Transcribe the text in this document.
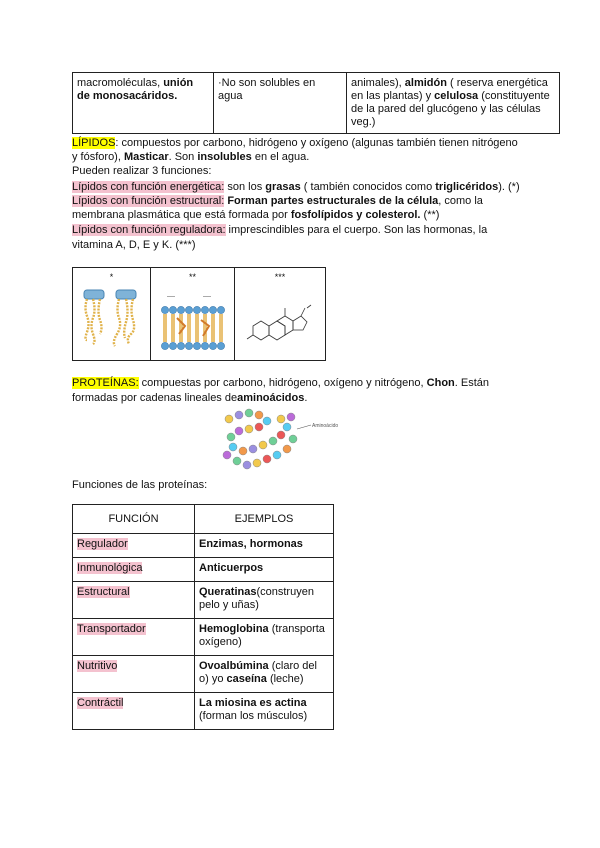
macromoléculas, unión de monosacáridos.	·No son solubles en agua	animales), almidón ( reserva energética en las plantas) y celulosa (constituyente de la pared del glucógeno y las células veg.)
LÍPIDOS: compuestos por carbono, hidrógeno y oxígeno (algunas también tienen nitrógeno
y fósforo), Masticar. Son insolubles en el agua.
Pueden realizar 3 funciones:
Lípidos con función energética: son los grasas ( también conocidos como triglicéridos). (*)
Lípidos con función estructural: Forman partes estructurales de la célula, como la
membrana plasmática que está formada por fosfolípidos y colesterol. (**)
Lípidos con función reguladora: imprescindibles para el cuerpo. Son las hormonas, la
vitamina A, D, E y K. (***)
*	**	***
PROTEÍNAS: compuestas por carbono, hidrógeno, oxígeno y nitrógeno, Chon. Están
formadas por cadenas lineales deaminoácidos.
Aminoácido
Funciones de las proteínas:
FUNCIÓN	EJEMPLOS
Regulador	Enzimas, hormonas
Inmunológica	Anticuerpos
Estructural	Queratinas(construyen pelo y uñas)
Transportador	Hemoglobina (transporta oxígeno)
Nutritivo	Ovoalbúmina (claro del o) yo caseína (leche)
Contráctil	La miosina es actina (forman los músculos)
